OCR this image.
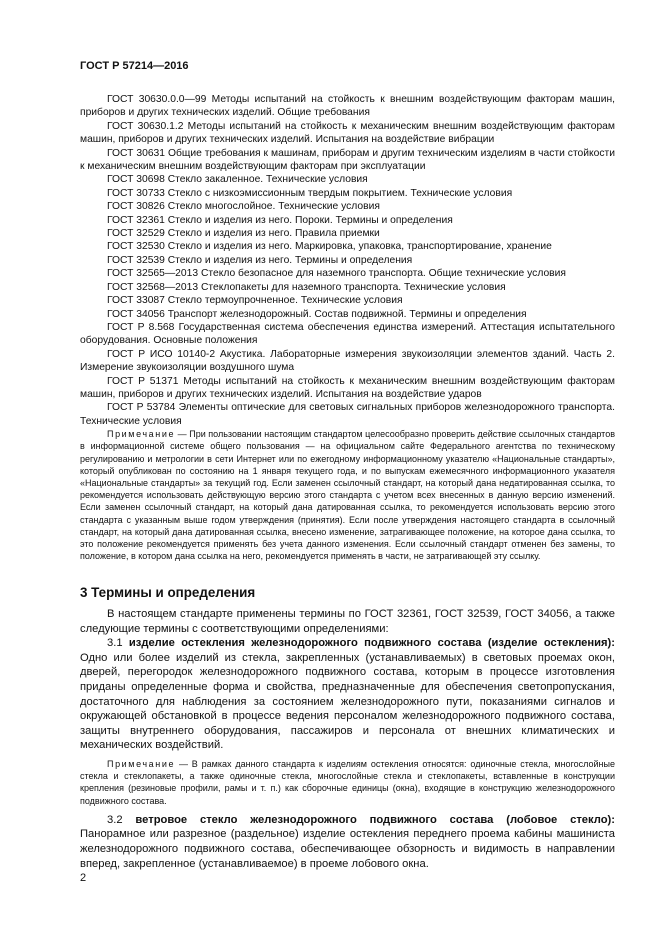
ГОСТ Р 57214—2016

ГОСТ 30630.0.0—99 Методы испытаний на стойкость к внешним воздействующим факторам машин, приборов и других технических изделий. Общие требования

ГОСТ 30630.1.2 Методы испытаний на стойкость к механическим внешним воздействующим факторам машин, приборов и других технических изделий. Испытания на воздействие вибрации

ГОСТ 30631 Общие требования к машинам, приборам и другим техническим изделиям в части стойкости к механическим внешним воздействующим факторам при эксплуатации

ГОСТ 30698 Стекло закаленное. Технические условия

ГОСТ 30733 Стекло с низкоэмиссионным твердым покрытием. Технические условия

ГОСТ 30826 Стекло многослойное. Технические условия

ГОСТ 32361 Стекло и изделия из него. Пороки. Термины и определения

ГОСТ 32529 Стекло и изделия из него. Правила приемки

ГОСТ 32530 Стекло и изделия из него. Маркировка, упаковка, транспортирование, хранение

ГОСТ 32539 Стекло и изделия из него. Термины и определения

ГОСТ 32565—2013 Стекло безопасное для наземного транспорта. Общие технические условия

ГОСТ 32568—2013 Стеклопакеты для наземного транспорта. Технические условия

ГОСТ 33087 Стекло термоупрочненное. Технические условия

ГОСТ 34056 Транспорт железнодорожный. Состав подвижной. Термины и определения

ГОСТ Р 8.568 Государственная система обеспечения единства измерений. Аттестация испытательного оборудования. Основные положения

ГОСТ Р ИСО 10140-2 Акустика. Лабораторные измерения звукоизоляции элементов зданий. Часть 2. Измерение звукоизоляции воздушного шума

ГОСТ Р 51371 Методы испытаний на стойкость к механическим внешним воздействующим факторам машин, приборов и других технических изделий. Испытания на воздействие ударов

ГОСТ Р 53784 Элементы оптические для световых сигнальных приборов железнодорожного транспорта. Технические условия

Примечание — При пользовании настоящим стандартом целесообразно проверить действие ссылочных стандартов в информационной системе общего пользования — на официальном сайте Федерального агентства по техническому регулированию и метрологии в сети Интернет или по ежегодному информационному указателю «Национальные стандарты», который опубликован по состоянию на 1 января текущего года, и по выпускам ежемесячного информационного указателя «Национальные стандарты» за текущий год. Если заменен ссылочный стандарт, на который дана недатированная ссылка, то рекомендуется использовать действующую версию этого стандарта с учетом всех внесенных в данную версию изменений. Если заменен ссылочный стандарт, на который дана датированная ссылка, то рекомендуется использовать версию этого стандарта с указанным выше годом утверждения (принятия). Если после утверждения настоящего стандарта в ссылочный стандарт, на который дана датированная ссылка, внесено изменение, затрагивающее положение, на которое дана ссылка, то это положение рекомендуется применять без учета данного изменения. Если ссылочный стандарт отменен без замены, то положение, в котором дана ссылка на него, рекомендуется применять в части, не затрагивающей эту ссылку.

3 Термины и определения

В настоящем стандарте применены термины по ГОСТ 32361, ГОСТ 32539, ГОСТ 34056, а также следующие термины с соответствующими определениями:

3.1 изделие остекления железнодорожного подвижного состава (изделие остекления): Одно или более изделий из стекла, закрепленных (устанавливаемых) в световых проемах окон, дверей, перегородок железнодорожного подвижного состава, которым в процессе изготовления приданы определенные форма и свойства, предназначенные для обеспечения светопропускания, достаточного для наблюдения за состоянием железнодорожного пути, показаниями сигналов и окружающей обстановкой в процессе ведения персоналом железнодорожного подвижного состава, защиты внутреннего оборудования, пассажиров и персонала от внешних климатических и механических воздействий.

Примечание — В рамках данного стандарта к изделиям остекления относятся: одиночные стекла, многослойные стекла и стеклопакеты, а также одиночные стекла, многослойные стекла и стеклопакеты, вставленные в конструкции крепления (резиновые профили, рамы и т. п.) как сборочные единицы (окна), входящие в конструкцию железнодорожного подвижного состава.

3.2 ветровое стекло железнодорожного подвижного состава (лобовое стекло): Панорамное или разрезное (раздельное) изделие остекления переднего проема кабины машиниста железнодорожного подвижного состава, обеспечивающее обзорность и видимость в направлении вперед, закрепленное (устанавливаемое) в проеме лобового окна.

2
